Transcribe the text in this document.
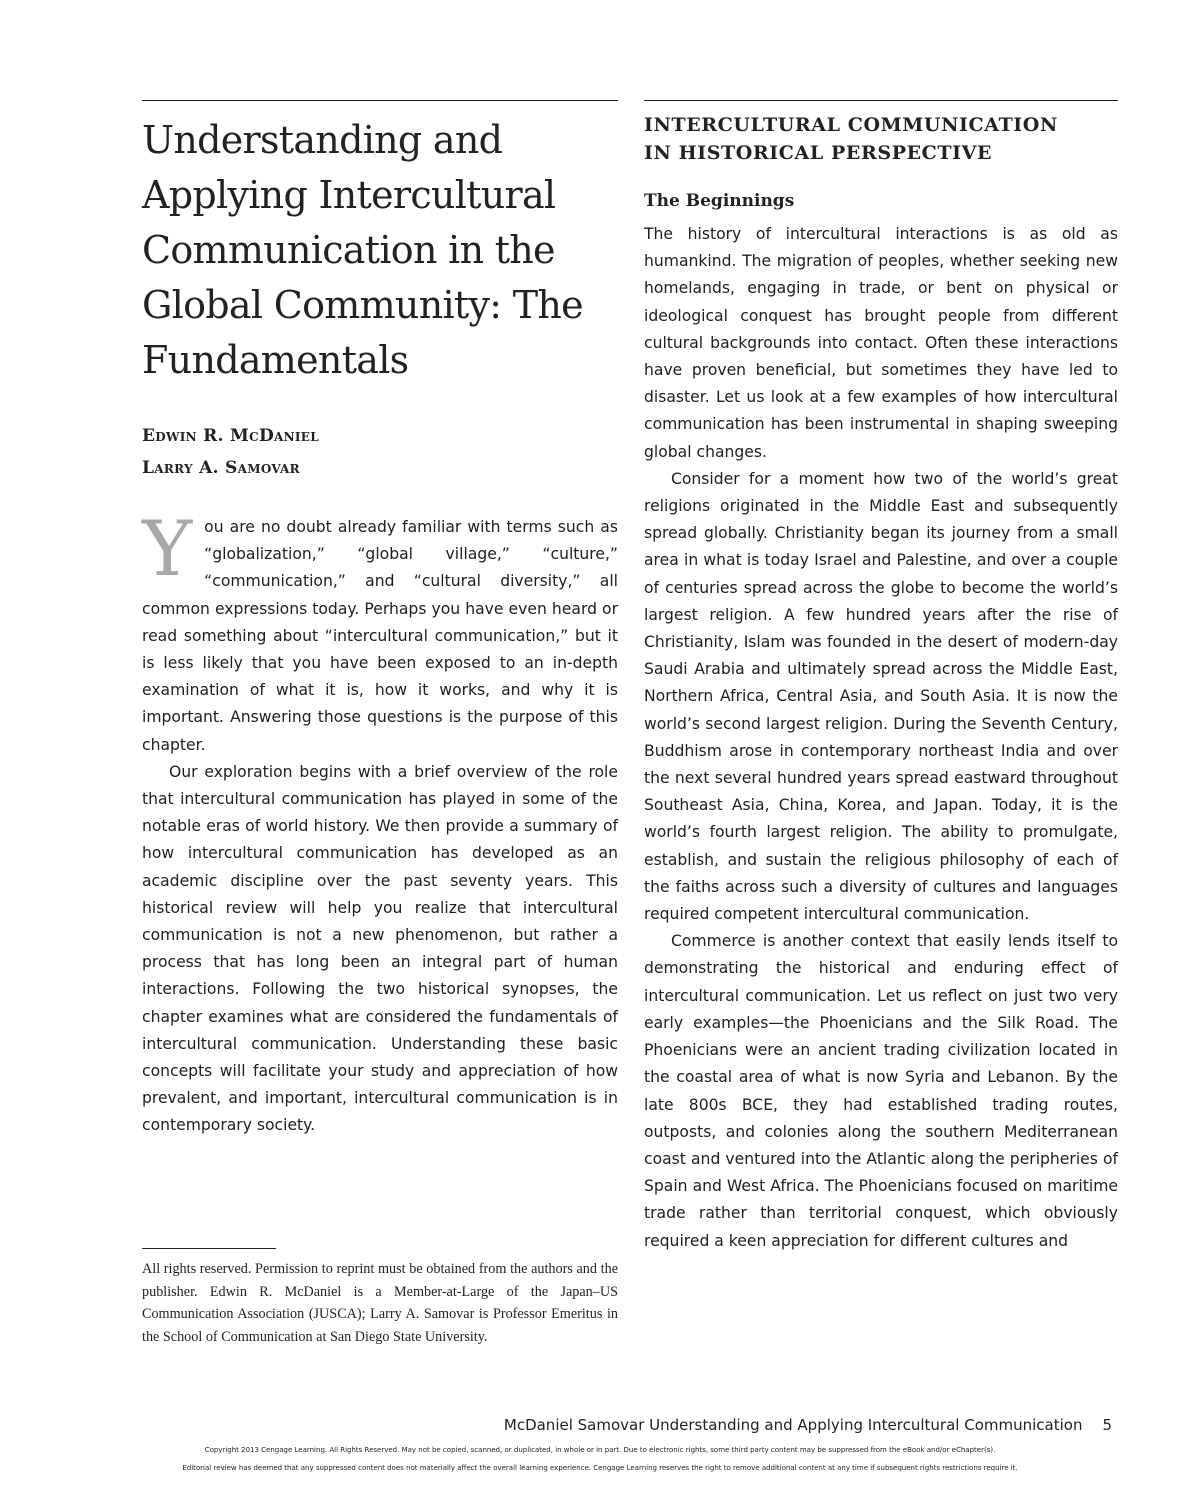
Understanding and Applying Intercultural Communication in the Global Community: The Fundamentals
Edwin R. McDaniel
Larry A. Samovar

You are no doubt already familiar with terms such as “globalization,” “global village,” “culture,” “communication,” and “cultural diversity,” all common expressions today. Perhaps you have even heard or read something about “intercultural communication,” but it is less likely that you have been exposed to an in-depth examination of what it is, how it works, and why it is important. Answering those questions is the purpose of this chapter.

Our exploration begins with a brief overview of the role that intercultural communication has played in some of the notable eras of world history. We then provide a summary of how intercultural communication has developed as an academic discipline over the past seventy years. This historical review will help you realize that intercultural communication is not a new phenomenon, but rather a process that has long been an integral part of human interactions. Following the two historical synopses, the chapter examines what are considered the fundamentals of intercultural communication. Understanding these basic concepts will facilitate your study and appreciation of how prevalent, and important, intercultural communication is in contemporary society.

All rights reserved. Permission to reprint must be obtained from the authors and the publisher. Edwin R. McDaniel is a Member-at-Large of the Japan–US Communication Association (JUSCA); Larry A. Samovar is Professor Emeritus in the School of Communication at San Diego State University.
INTERCULTURAL COMMUNICATION
IN HISTORICAL PERSPECTIVE
The Beginnings

The history of intercultural interactions is as old as humankind. The migration of peoples, whether seeking new homelands, engaging in trade, or bent on physical or ideological conquest has brought people from different cultural backgrounds into contact. Often these interactions have proven beneficial, but sometimes they have led to disaster. Let us look at a few examples of how intercultural communication has been instrumental in shaping sweeping global changes.

Consider for a moment how two of the world’s great religions originated in the Middle East and subsequently spread globally. Christianity began its journey from a small area in what is today Israel and Palestine, and over a couple of centuries spread across the globe to become the world’s largest religion. A few hundred years after the rise of Christianity, Islam was founded in the desert of modern-day Saudi Arabia and ultimately spread across the Middle East, Northern Africa, Central Asia, and South Asia. It is now the world’s second largest religion. During the Seventh Century, Buddhism arose in contemporary northeast India and over the next several hundred years spread eastward throughout Southeast Asia, China, Korea, and Japan. Today, it is the world’s fourth largest religion. The ability to promulgate, establish, and sustain the religious philosophy of each of the faiths across such a diversity of cultures and languages required competent intercultural communication.

Commerce is another context that easily lends itself to demonstrating the historical and enduring effect of intercultural communication. Let us reflect on just two very early examples—the Phoenicians and the Silk Road. The Phoenicians were an ancient trading civilization located in the coastal area of what is now Syria and Lebanon. By the late 800s BCE, they had established trading routes, outposts, and colonies along the southern Mediterranean coast and ventured into the Atlantic along the peripheries of Spain and West Africa. The Phoenicians focused on maritime trade rather than territorial conquest, which obviously required a keen appreciation for different cultures and

McDaniel Samovar Understanding and Applying Intercultural Communication 5
Copyright 2013 Cengage Learning. All Rights Reserved. May not be copied, scanned, or duplicated, in whole or in part. Due to electronic rights, some third party content may be suppressed from the eBook and/or eChapter(s).
Editorial review has deemed that any suppressed content does not materially affect the overall learning experience. Cengage Learning reserves the right to remove additional content at any time if subsequent rights restrictions require it.
